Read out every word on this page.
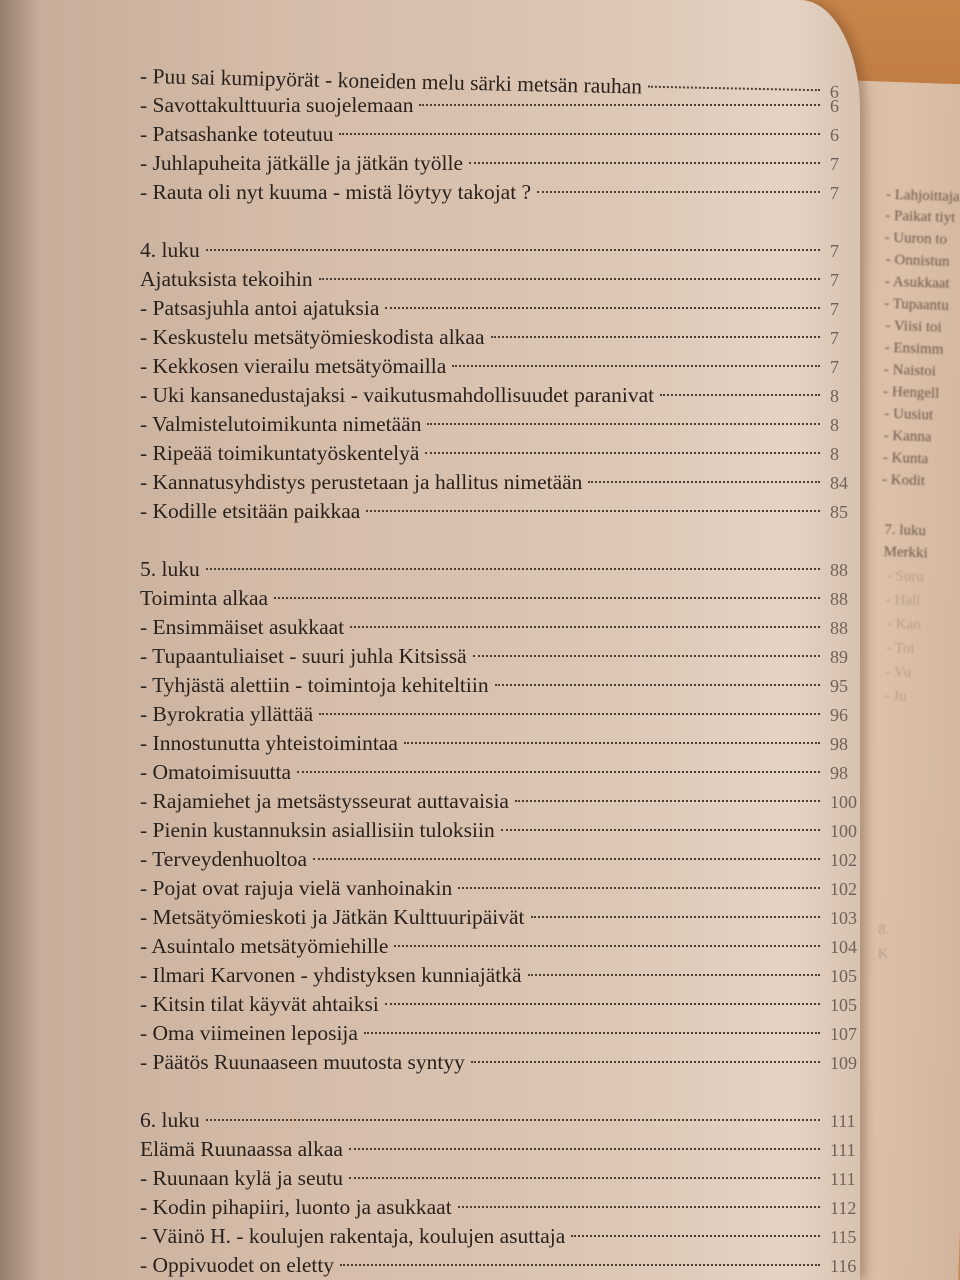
- Lahjoittaja
- Paikat tiyt
- Uuron to
- Onnistun
- Asukkaat
- Tupaantu
- Viisi toi
- Ensimm
- Naistoi
- Hengell
- Uusiut
- Kanna
- Kunta
- Kodit
7. luku
Merkki
- Suru
- Hall
- Kan
- Toi
- Vu
- Ju
8.
K
- Puu sai kumipyörät - koneiden melu särki metsän rauhan	6
- Savottakulttuuria suojelemaan	6
- Patsashanke toteutuu	6
- Juhlapuheita jätkälle ja jätkän työlle	7
- Rauta oli nyt kuuma - mistä löytyy takojat ?	7
4. luku	7
Ajatuksista tekoihin	7
- Patsasjuhla antoi ajatuksia	7
- Keskustelu metsätyömieskodista alkaa	7
- Kekkosen vierailu metsätyömailla	7
- Uki kansanedustajaksi - vaikutusmahdollisuudet paranivat	8
- Valmistelutoimikunta nimetään	8
- Ripeää toimikuntatyöskentelyä	8
- Kannatusyhdistys perustetaan ja hallitus nimetään	84
- Kodille etsitään paikkaa	85
5. luku	88
Toiminta alkaa	88
- Ensimmäiset asukkaat	88
- Tupaantuliaiset - suuri juhla Kitsissä	89
- Tyhjästä alettiin - toimintoja kehiteltiin	95
- Byrokratia yllättää	96
- Innostunutta yhteistoimintaa	98
- Omatoimisuutta	98
- Rajamiehet ja metsästysseurat auttavaisia	100
- Pienin kustannuksin asiallisiin tuloksiin	100
- Terveydenhuoltoa	102
- Pojat ovat rajuja vielä vanhoinakin	102
- Metsätyömieskoti ja Jätkän Kulttuuripäivät	103
- Asuintalo metsätyömiehille	104
- Ilmari Karvonen - yhdistyksen kunniajätkä	105
- Kitsin tilat käyvät ahtaiksi	105
- Oma viimeinen leposija	107
- Päätös Ruunaaseen muutosta syntyy	109
6. luku	111
Elämä Ruunaassa alkaa	111
- Ruunaan kylä ja seutu	111
- Kodin pihapiiri, luonto ja asukkaat	112
- Väinö H. - koulujen rakentaja, koulujen asuttaja	115
- Oppivuodet on eletty	116
